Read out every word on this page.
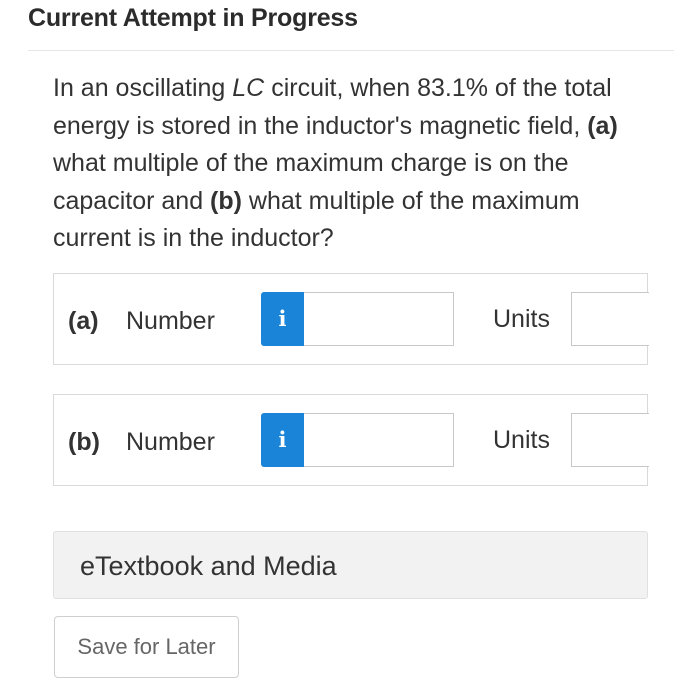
Current Attempt in Progress
In an oscillating LC circuit, when 83.1% of the total energy is stored in the inductor's magnetic field, (a) what multiple of the maximum charge is on the capacitor and (b) what multiple of the maximum current is in the inductor?
(a) Number	i	Units
(b) Number	i	Units
eTextbook and Media
Save for Later
